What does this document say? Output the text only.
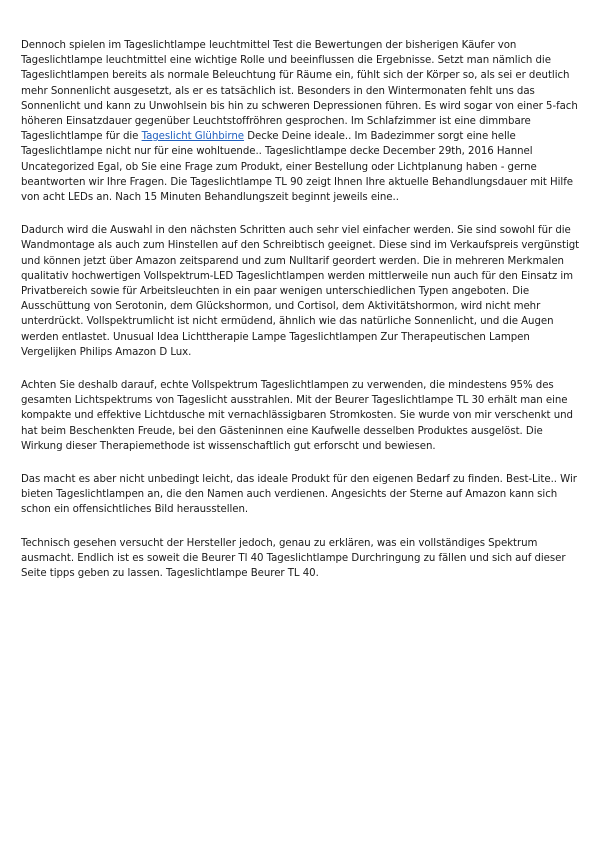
Dennoch spielen im Tageslichtlampe leuchtmittel Test die Bewertungen der bisherigen Käufer von Tageslichtlampe leuchtmittel eine wichtige Rolle und beeinflussen die Ergebnisse. Setzt man nämlich die Tageslichtlampen bereits als normale Beleuchtung für Räume ein, fühlt sich der Körper so, als sei er deutlich mehr Sonnenlicht ausgesetzt, als er es tatsächlich ist. Besonders in den Wintermonaten fehlt uns das Sonnenlicht und kann zu Unwohlsein bis hin zu schweren Depressionen führen. Es wird sogar von einer 5-fach höheren Einsatzdauer gegenüber Leuchtstoffröhren gesprochen. Im Schlafzimmer ist eine dimmbare Tageslichtlampe für die Tageslicht Glühbirne Decke Deine ideale.. Im Badezimmer sorgt eine helle Tageslichtlampe nicht nur für eine wohltuende.. Tageslichtlampe decke December 29th, 2016 Hannel Uncategorized Egal, ob Sie eine Frage zum Produkt, einer Bestellung oder Lichtplanung haben - gerne beantworten wir Ihre Fragen. Die Tageslichtlampe TL 90 zeigt Ihnen Ihre aktuelle Behandlungsdauer mit Hilfe von acht LEDs an. Nach 15 Minuten Behandlungszeit beginnt jeweils eine..

Dadurch wird die Auswahl in den nächsten Schritten auch sehr viel einfacher werden. Sie sind sowohl für die Wandmontage als auch zum Hinstellen auf den Schreibtisch geeignet. Diese sind im Verkaufspreis vergünstigt und können jetzt über Amazon zeitsparend und zum Nulltarif geordert werden. Die in mehreren Merkmalen qualitativ hochwertigen Vollspektrum-LED Tageslichtlampen werden mittlerweile nun auch für den Einsatz im Privatbereich sowie für Arbeitsleuchten in ein paar wenigen unterschiedlichen Typen angeboten. Die Ausschüttung von Serotonin, dem Glückshormon, und Cortisol, dem Aktivitätshormon, wird nicht mehr unterdrückt. Vollspektrumlicht ist nicht ermüdend, ähnlich wie das natürliche Sonnenlicht, und die Augen werden entlastet. Unusual Idea Lichttherapie Lampe Tageslichtlampen Zur Therapeutischen Lampen Vergelijken Philips Amazon D Lux.

Achten Sie deshalb darauf, echte Vollspektrum Tageslichtlampen zu verwenden, die mindestens 95% des gesamten Lichtspektrums von Tageslicht ausstrahlen. Mit der Beurer Tageslichtlampe TL 30 erhält man eine kompakte und effektive Lichtdusche mit vernachlässigbaren Stromkosten. Sie wurde von mir verschenkt und hat beim Beschenkten Freude, bei den Gästeninnen eine Kaufwelle desselben Produktes ausgelöst. Die Wirkung dieser Therapiemethode ist wissenschaftlich gut erforscht und bewiesen.

Das macht es aber nicht unbedingt leicht, das ideale Produkt für den eigenen Bedarf zu finden. Best-Lite.. Wir bieten Tageslichtlampen an, die den Namen auch verdienen. Angesichts der Sterne auf Amazon kann sich schon ein offensichtliches Bild herausstellen.

Technisch gesehen versucht der Hersteller jedoch, genau zu erklären, was ein vollständiges Spektrum ausmacht. Endlich ist es soweit die Beurer Tl 40 Tageslichtlampe Durchringung zu fällen und sich auf dieser Seite tipps geben zu lassen. Tageslichtlampe Beurer TL 40.
